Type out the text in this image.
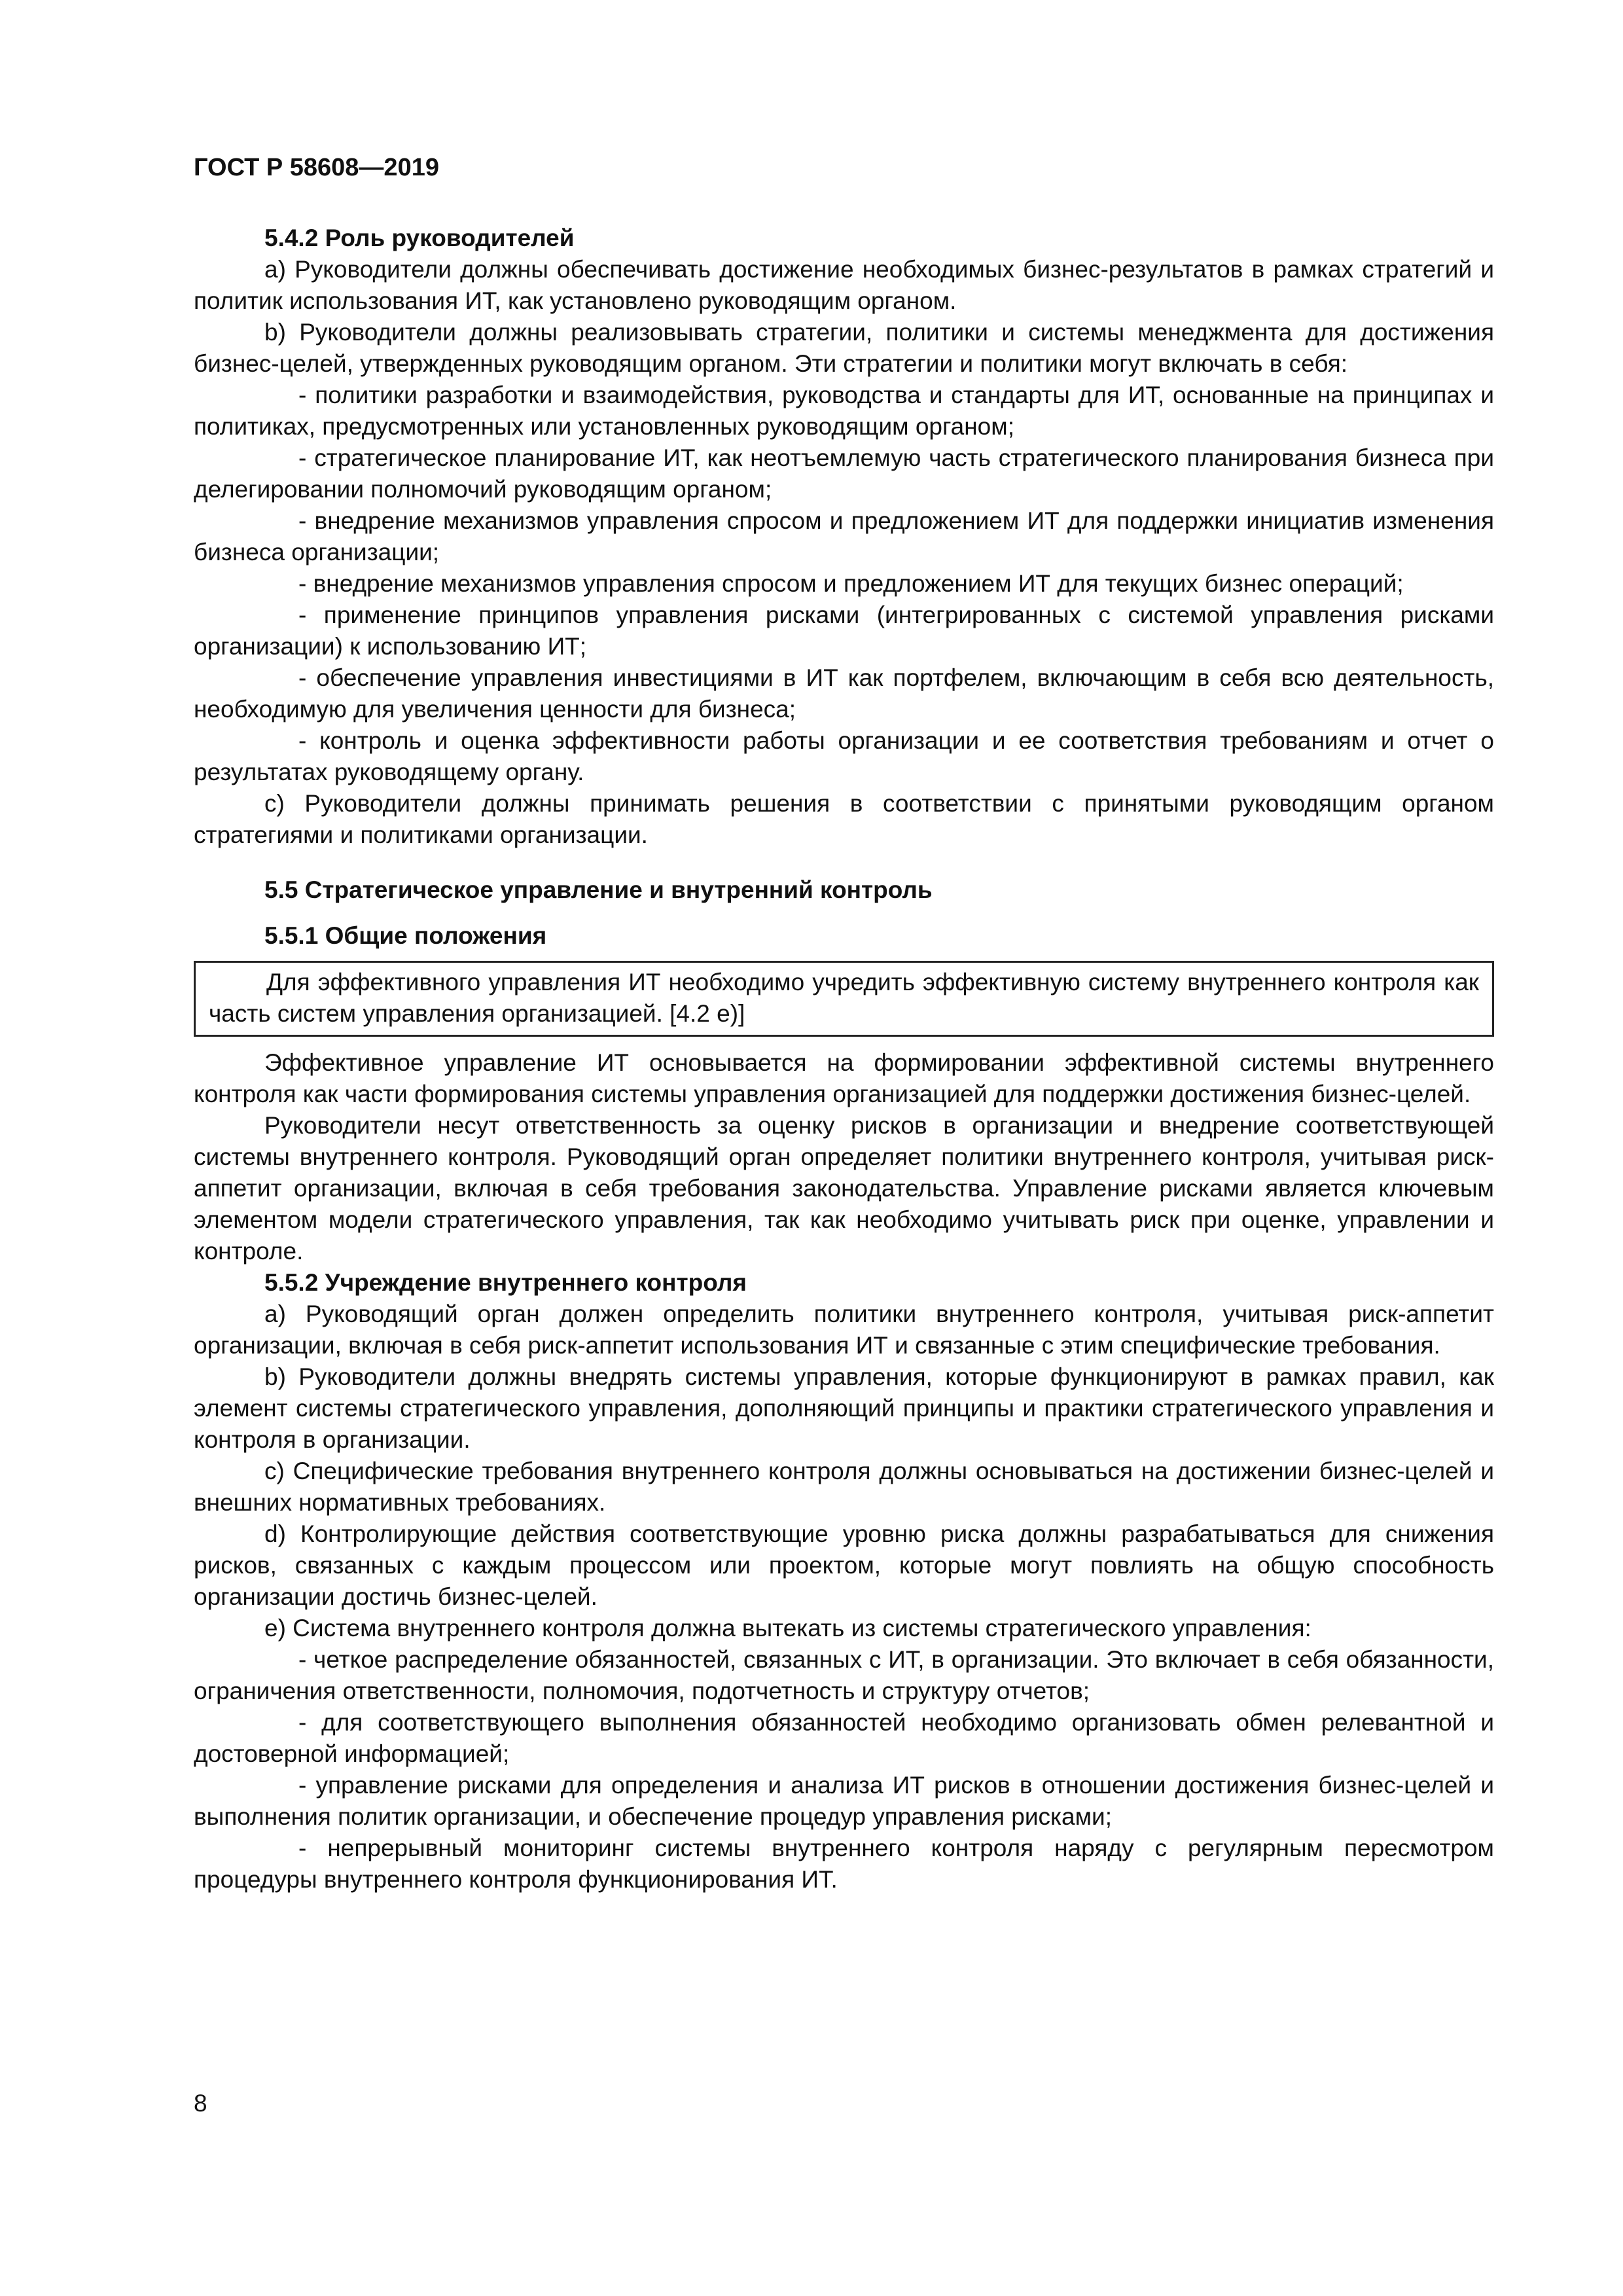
ГОСТ Р 58608—2019

5.4.2 Роль руководителей

a) Руководители должны обеспечивать достижение необходимых бизнес-результатов в рамках стратегий и политик использования ИТ, как установлено руководящим органом.

b) Руководители должны реализовывать стратегии, политики и системы менеджмента для достижения бизнес-целей, утвержденных руководящим органом. Эти стратегии и политики могут включать в себя:

- политики разработки и взаимодействия, руководства и стандарты для ИТ, основанные на принципах и политиках, предусмотренных или установленных руководящим органом;

- стратегическое планирование ИТ, как неотъемлемую часть стратегического планирования бизнеса при делегировании полномочий руководящим органом;

- внедрение механизмов управления спросом и предложением ИТ для поддержки инициатив изменения бизнеса организации;

- внедрение механизмов управления спросом и предложением ИТ для текущих бизнес операций;

- применение принципов управления рисками (интегрированных с системой управления рисками организации) к использованию ИТ;

- обеспечение управления инвестициями в ИТ как портфелем, включающим в себя всю деятельность, необходимую для увеличения ценности для бизнеса;

- контроль и оценка эффективности работы организации и ее соответствия требованиям и отчет о результатах руководящему органу.

c) Руководители должны принимать решения в соответствии с принятыми руководящим органом стратегиями и политиками организации.

5.5 Стратегическое управление и внутренний контроль

5.5.1 Общие положения

Для эффективного управления ИТ необходимо учредить эффективную систему внутреннего контроля как часть систем управления организацией. [4.2 e)]

Эффективное управление ИТ основывается на формировании эффективной системы внутреннего контроля как части формирования системы управления организацией для поддержки достижения бизнес-целей.

Руководители несут ответственность за оценку рисков в организации и внедрение соответствующей системы внутреннего контроля. Руководящий орган определяет политики внутреннего контроля, учитывая риск-аппетит организации, включая в себя требования законодательства. Управление рисками является ключевым элементом модели стратегического управления, так как необходимо учитывать риск при оценке, управлении и контроле.

5.5.2 Учреждение внутреннего контроля

a) Руководящий орган должен определить политики внутреннего контроля, учитывая риск-аппетит организации, включая в себя риск-аппетит использования ИТ и связанные с этим специфические требования.

b) Руководители должны внедрять системы управления, которые функционируют в рамках правил, как элемент системы стратегического управления, дополняющий принципы и практики стратегического управления и контроля в организации.

c) Специфические требования внутреннего контроля должны основываться на достижении бизнес-целей и внешних нормативных требованиях.

d) Контролирующие действия соответствующие уровню риска должны разрабатываться для снижения рисков, связанных с каждым процессом или проектом, которые могут повлиять на общую способность организации достичь бизнес-целей.

e) Система внутреннего контроля должна вытекать из системы стратегического управления:

- четкое распределение обязанностей, связанных с ИТ, в организации. Это включает в себя обязанности, ограничения ответственности, полномочия, подотчетность и структуру отчетов;

- для соответствующего выполнения обязанностей необходимо организовать обмен релевантной и достоверной информацией;

- управление рисками для определения и анализа ИТ рисков в отношении достижения бизнес-целей и выполнения политик организации, и обеспечение процедур управления рисками;

- непрерывный мониторинг системы внутреннего контроля наряду с регулярным пересмотром процедуры внутреннего контроля функционирования ИТ.

8
